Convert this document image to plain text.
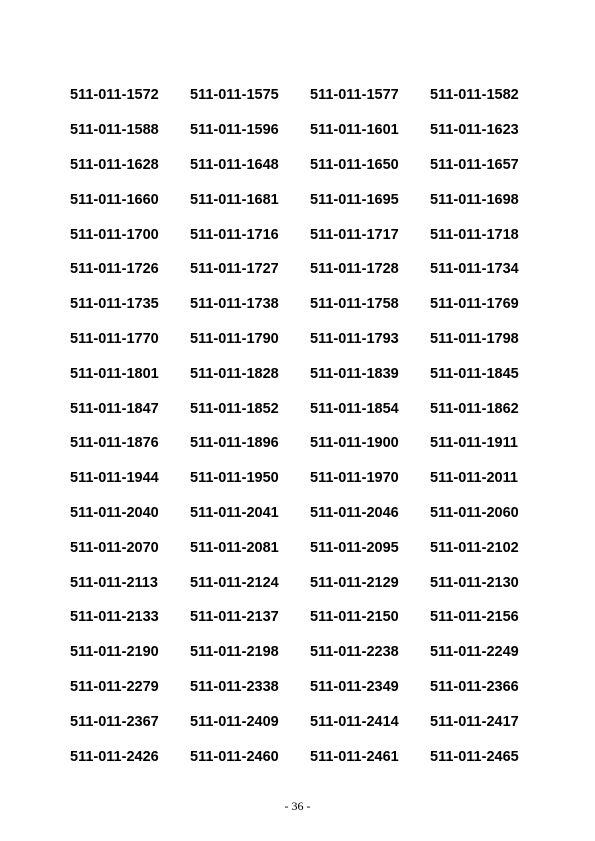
511-011-1572	511-011-1575	511-011-1577	511-011-1582
511-011-1588	511-011-1596	511-011-1601	511-011-1623
511-011-1628	511-011-1648	511-011-1650	511-011-1657
511-011-1660	511-011-1681	511-011-1695	511-011-1698
511-011-1700	511-011-1716	511-011-1717	511-011-1718
511-011-1726	511-011-1727	511-011-1728	511-011-1734
511-011-1735	511-011-1738	511-011-1758	511-011-1769
511-011-1770	511-011-1790	511-011-1793	511-011-1798
511-011-1801	511-011-1828	511-011-1839	511-011-1845
511-011-1847	511-011-1852	511-011-1854	511-011-1862
511-011-1876	511-011-1896	511-011-1900	511-011-1911
511-011-1944	511-011-1950	511-011-1970	511-011-2011
511-011-2040	511-011-2041	511-011-2046	511-011-2060
511-011-2070	511-011-2081	511-011-2095	511-011-2102
511-011-2113	511-011-2124	511-011-2129	511-011-2130
511-011-2133	511-011-2137	511-011-2150	511-011-2156
511-011-2190	511-011-2198	511-011-2238	511-011-2249
511-011-2279	511-011-2338	511-011-2349	511-011-2366
511-011-2367	511-011-2409	511-011-2414	511-011-2417
511-011-2426	511-011-2460	511-011-2461	511-011-2465
- 36 -
